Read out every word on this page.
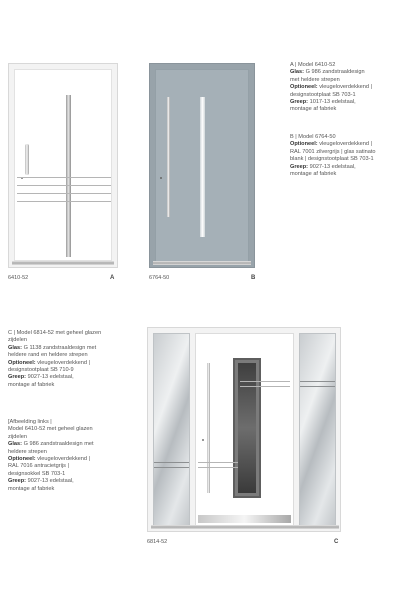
6410-52	A	6764-50	B
A | Model 6410-52
Glas: G 986 zandstraaldesign
met heldere strepen
Optioneel: vleugeloverdekkend |
designstootplaat SB 703-1
Greep: 1017-13 edelstaal,
montage af fabriek
B | Model 6764-50
Optioneel: vleugeloverdekkend |
RAL 7001 zilvergrijs | glas satinato
blank | designstootplaat SB 703-1
Greep: 9027-13 edelstaal,
montage af fabriek
C | Model 6814-52 met geheel glazen
zijdelen
Glas: G 1138 zandstraaldesign met
heldere rand en heldere strepen
Optioneel: vleugeloverdekkend |
designstootplaat SB 710-9
Greep: 9027-13 edelstaal,
montage af fabriek
[Afbeelding links |
Model 6410-52 met geheel glazen
zijdelen
Glas: G 986 zandstraaldesign met
heldere strepen
Optioneel: vleugeloverdekkend |
RAL 7016 antracietgrijs |
designsokkel SB 703-1
Greep: 9027-13 edelstaal,
montage af fabriek
6814-52	C
